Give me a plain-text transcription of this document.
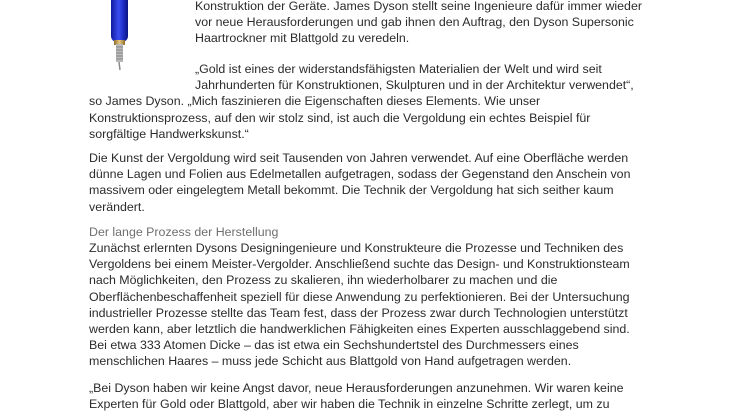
Konstruktion der Geräte. James Dyson stellt seine Ingenieure dafür immer wieder
vor neue Herausforderungen und gab ihnen den Auftrag, den Dyson Supersonic
Haartrockner mit Blattgold zu veredeln.

„Gold ist eines der widerstandsfähigsten Materialien der Welt und wird seit
Jahrhunderten für Konstruktionen, Skulpturen und in der Architektur verwendet“,
so James Dyson. „Mich faszinieren die Eigenschaften dieses Elements. Wie unser
Konstruktionsprozess, auf den wir stolz sind, ist auch die Vergoldung ein echtes Beispiel für
sorgfältige Handwerkskunst.“

Die Kunst der Vergoldung wird seit Tausenden von Jahren verwendet. Auf eine Oberfläche werden
dünne Lagen und Folien aus Edelmetallen aufgetragen, sodass der Gegenstand den Anschein von
massivem oder eingelegtem Metall bekommt. Die Technik der Vergoldung hat sich seither kaum
verändert.

Der lange Prozess der Herstellung

Zunächst erlernten Dysons Designingenieure und Konstrukteure die Prozesse und Techniken des
Vergoldens bei einem Meister-Vergolder. Anschließend suchte das Design- und Konstruktionsteam
nach Möglichkeiten, den Prozess zu skalieren, ihn wiederholbarer zu machen und die
Oberflächenbeschaffenheit speziell für diese Anwendung zu perfektionieren. Bei der Untersuchung
industrieller Prozesse stellte das Team fest, dass der Prozess zwar durch Technologien unterstützt
werden kann, aber letztlich die handwerklichen Fähigkeiten eines Experten ausschlaggebend sind.
Bei etwa 333 Atomen Dicke – das ist etwa ein Sechshundertstel des Durchmessers eines
menschlichen Haares – muss jede Schicht aus Blattgold von Hand aufgetragen werden.

„Bei Dyson haben wir keine Angst davor, neue Herausforderungen anzunehmen. Wir waren keine
Experten für Gold oder Blattgold, aber wir haben die Technik in einzelne Schritte zerlegt, um zu
